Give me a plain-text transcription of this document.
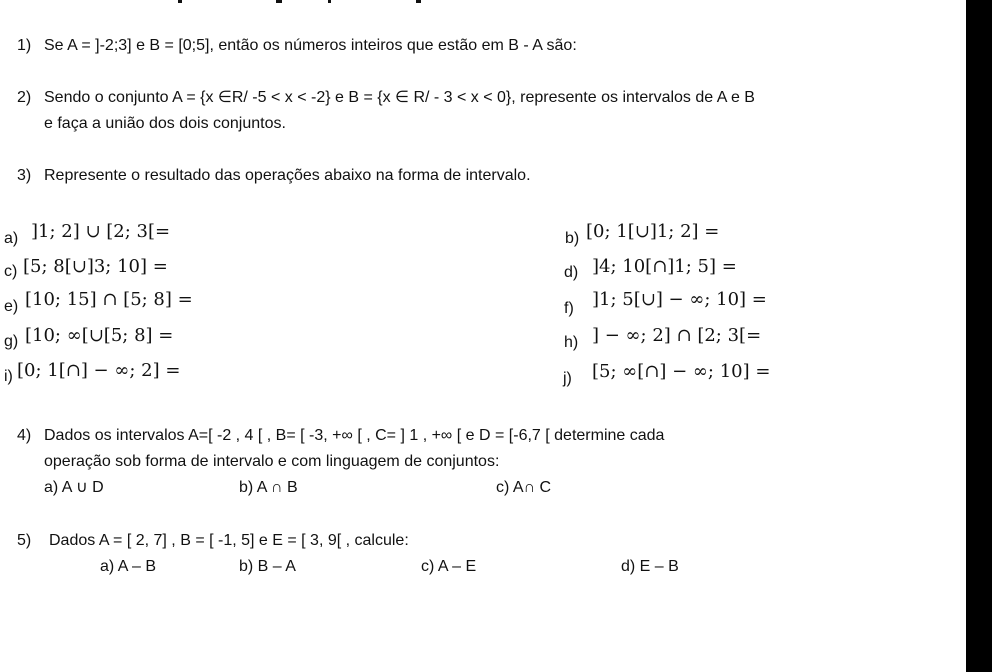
1) Se A = ]-2;3] e B = [0;5], então os números inteiros que estão em B - A são:
2) Sendo o conjunto A = {x ∈R/ -5 < x < -2} e B = {x ∈ R/ - 3 < x < 0}, represente os intervalos de A e B
e faça a união dos dois conjuntos.
3) Represente o resultado das operações abaixo na forma de intervalo.
a) ]1; 2] ∪ [2; 3[=	b) [0; 1[∪]1; 2] =
c) [5; 8[∪]3; 10] =	d) ]4; 10[∩]1; 5] =
e) [10; 15] ∩ [5; 8] =	f) ]1; 5[∪] − ∞; 10] =
g) [10; ∞[∪[5; 8] =	h) ] − ∞; 2] ∩ [2; 3[=
i) [0; 1[∩] − ∞; 2] =	j) [5; ∞[∩] − ∞; 10] =
4) Dados os intervalos A=[ -2 , 4 [ , B= [ -3, +∞ [ , C= ] 1 , +∞ [ e D = [-6,7 [ determine cada
operação sob forma de intervalo e com linguagem de conjuntos:
a) A ∪ D	b) A ∩ B	c) A∩ C
5) Dados A = [ 2, 7] , B = [ -1, 5] e E = [ 3, 9[ , calcule:
a) A – B	b) B – A	c) A – E	d) E – B
